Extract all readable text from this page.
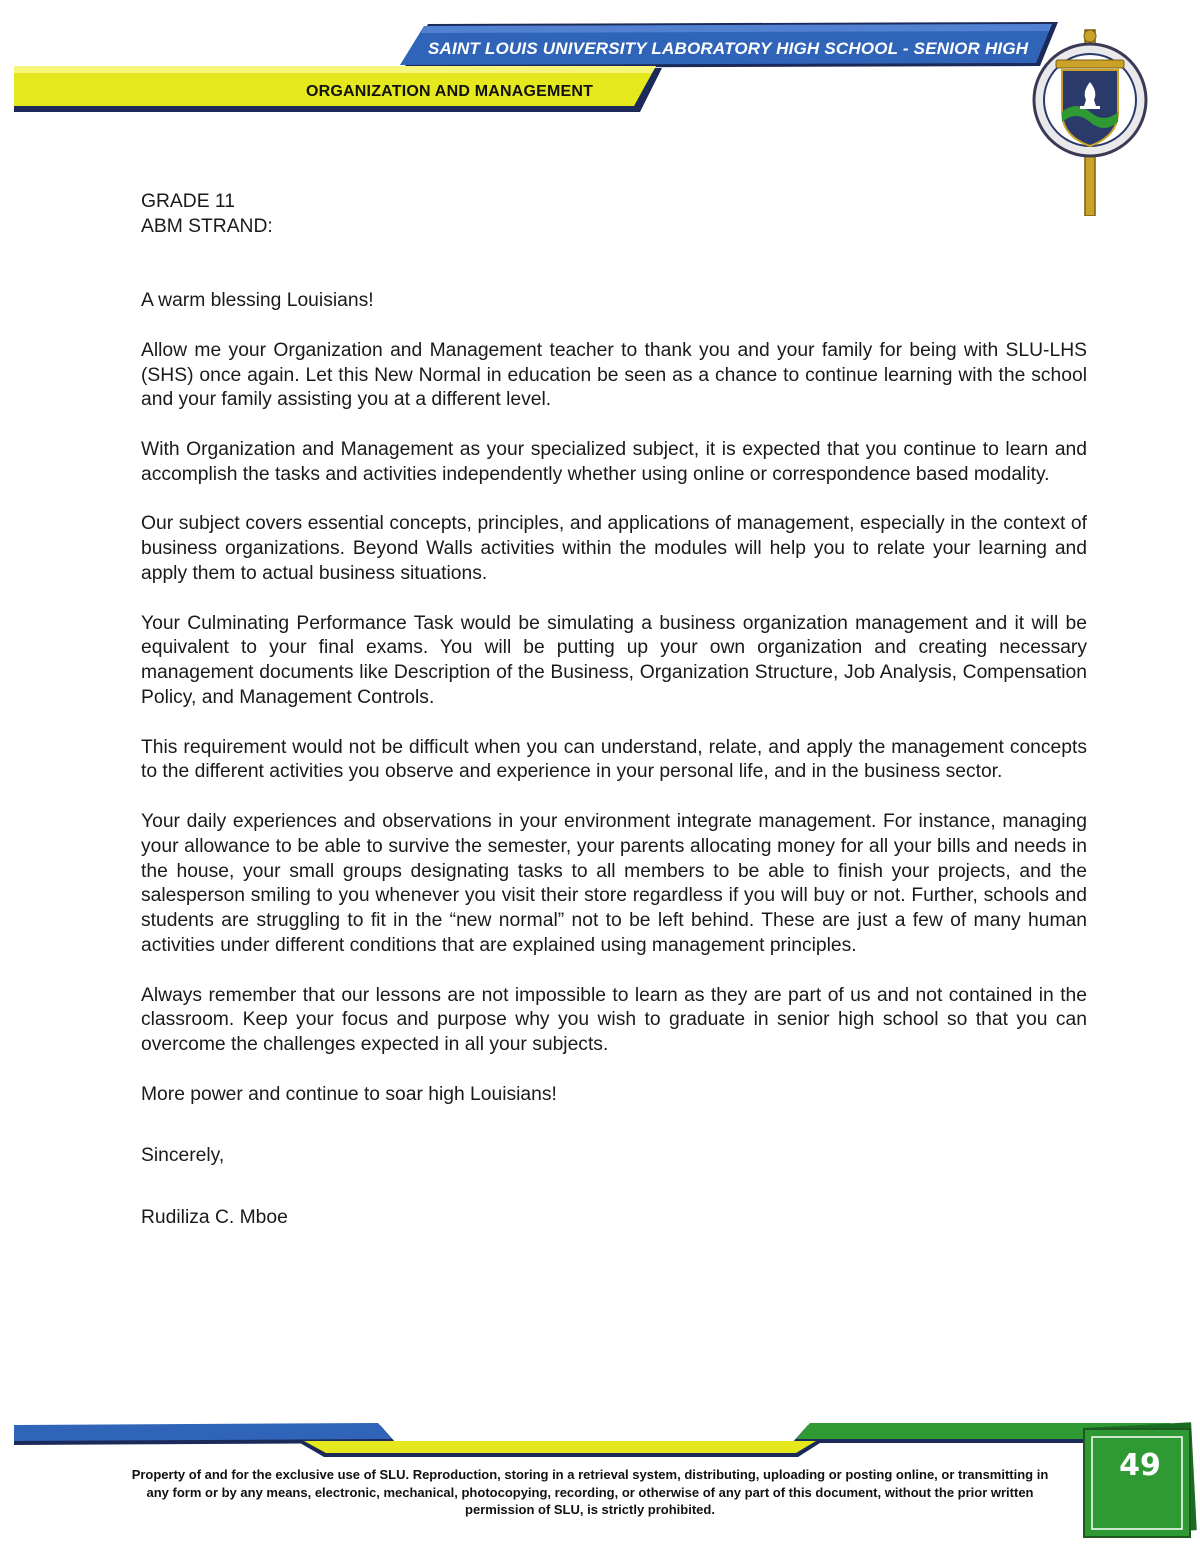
SAINT LOUIS UNIVERSITY LABORATORY HIGH SCHOOL - SENIOR HIGH
ORGANIZATION AND MANAGEMENT

GRADE 11

ABM STRAND:

A warm blessing Louisians!

Allow me your Organization and Management teacher to thank you and your family for being with SLU-LHS (SHS) once again. Let this New Normal in education be seen as a chance to continue learning with the school and your family assisting you at a different level.

With Organization and Management as your specialized subject, it is expected that you continue to learn and accomplish the tasks and activities independently whether using online or correspondence based modality.

Our subject covers essential concepts, principles, and applications of management, especially in the context of business organizations. Beyond Walls activities within the modules will help you to relate your learning and apply them to actual business situations.

Your Culminating Performance Task would be simulating a business organization management and it will be equivalent to your final exams. You will be putting up your own organization and creating necessary management documents like Description of the Business, Organization Structure, Job Analysis, Compensation Policy, and Management Controls.

This requirement would not be difficult when you can understand, relate, and apply the management concepts to the different activities you observe and experience in your personal life, and in the business sector.

Your daily experiences and observations in your environment integrate management. For instance, managing your allowance to be able to survive the semester, your parents allocating money for all your bills and needs in the house, your small groups designating tasks to all members to be able to finish your projects, and the salesperson smiling to you whenever you visit their store regardless if you will buy or not. Further, schools and students are struggling to fit in the “new normal” not to be left behind. These are just a few of many human activities under different conditions that are explained using management principles.

Always remember that our lessons are not impossible to learn as they are part of us and not contained in the classroom. Keep your focus and purpose why you wish to graduate in senior high school so that you can overcome the challenges expected in all your subjects.

More power and continue to soar high Louisians!

Sincerely,

Rudiliza C. Mboe

Property of and for the exclusive use of SLU. Reproduction, storing in a retrieval system, distributing, uploading or posting online, or transmitting in any form or by any means, electronic, mechanical, photocopying, recording, or otherwise of any part of this document, without the prior written permission of SLU, is strictly prohibited.
49
